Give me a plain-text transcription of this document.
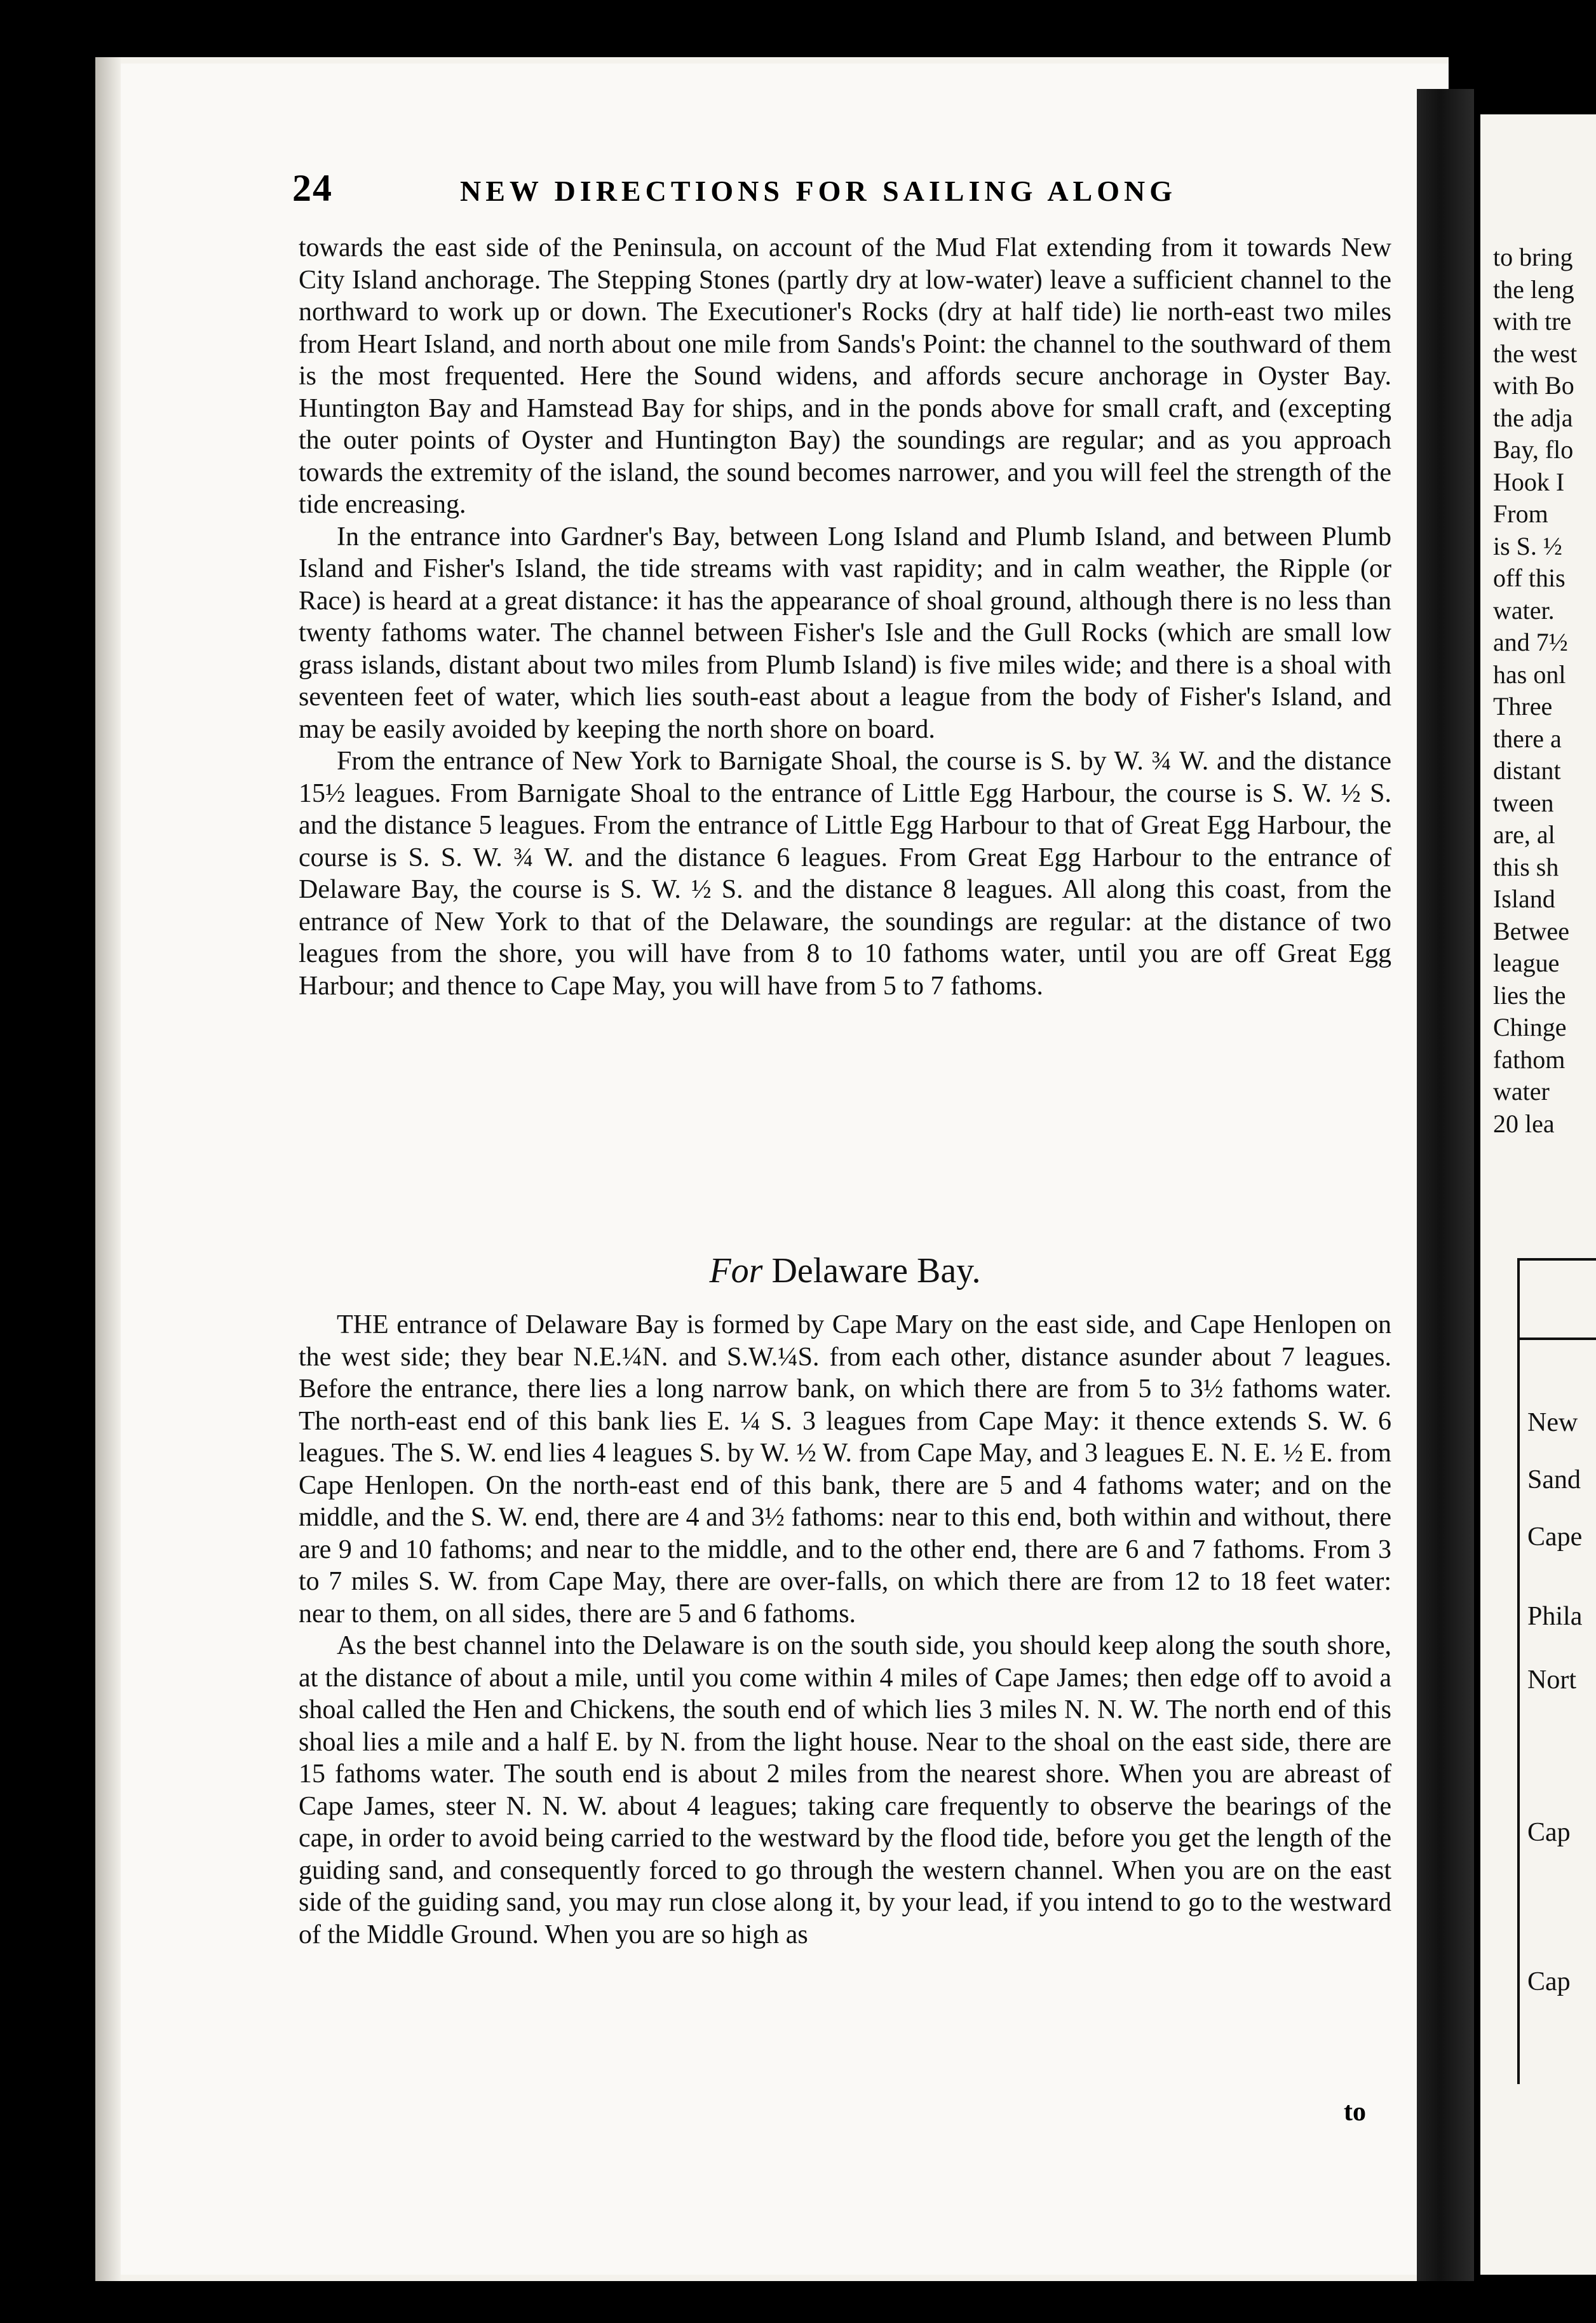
24	NEW DIRECTIONS FOR SAILING ALONG

towards the east side of the Peninsula, on account of the Mud Flat extending from it towards New City Island anchorage. The Stepping Stones (partly dry at low-water) leave a sufficient channel to the northward to work up or down. The Executioner's Rocks (dry at half tide) lie north-east two miles from Heart Island, and north about one mile from Sands's Point: the channel to the southward of them is the most frequented. Here the Sound widens, and affords secure anchorage in Oyster Bay. Huntington Bay and Hamstead Bay for ships, and in the ponds above for small craft, and (excepting the outer points of Oyster and Huntington Bay) the soundings are regular; and as you approach towards the extremity of the island, the sound becomes narrower, and you will feel the strength of the tide encreasing.

In the entrance into Gardner's Bay, between Long Island and Plumb Island, and between Plumb Island and Fisher's Island, the tide streams with vast rapidity; and in calm weather, the Ripple (or Race) is heard at a great distance: it has the appearance of shoal ground, although there is no less than twenty fathoms water. The channel between Fisher's Isle and the Gull Rocks (which are small low grass islands, distant about two miles from Plumb Island) is five miles wide; and there is a shoal with seventeen feet of water, which lies south-east about a league from the body of Fisher's Island, and may be easily avoided by keeping the north shore on board.

From the entrance of New York to Barnigate Shoal, the course is S. by W. ¾ W. and the distance 15½ leagues. From Barnigate Shoal to the entrance of Little Egg Harbour, the course is S. W. ½ S. and the distance 5 leagues. From the entrance of Little Egg Harbour to that of Great Egg Harbour, the course is S. S. W. ¾ W. and the distance 6 leagues. From Great Egg Harbour to the entrance of Delaware Bay, the course is S. W. ½ S. and the distance 8 leagues. All along this coast, from the entrance of New York to that of the Delaware, the soundings are regular: at the distance of two leagues from the shore, you will have from 8 to 10 fathoms water, until you are off Great Egg Harbour; and thence to Cape May, you will have from 5 to 7 fathoms.

For Delaware Bay.

THE entrance of Delaware Bay is formed by Cape Mary on the east side, and Cape Henlopen on the west side; they bear N.E.¼N. and S.W.¼S. from each other, distance asunder about 7 leagues. Before the entrance, there lies a long narrow bank, on which there are from 5 to 3½ fathoms water. The north-east end of this bank lies E. ¼ S. 3 leagues from Cape May: it thence extends S. W. 6 leagues. The S. W. end lies 4 leagues S. by W. ½ W. from Cape May, and 3 leagues E. N. E. ½ E. from Cape Henlopen. On the north-east end of this bank, there are 5 and 4 fathoms water; and on the middle, and the S. W. end, there are 4 and 3½ fathoms: near to this end, both within and without, there are 9 and 10 fathoms; and near to the middle, and to the other end, there are 6 and 7 fathoms. From 3 to 7 miles S. W. from Cape May, there are over-falls, on which there are from 12 to 18 feet water: near to them, on all sides, there are 5 and 6 fathoms.

As the best channel into the Delaware is on the south side, you should keep along the south shore, at the distance of about a mile, until you come within 4 miles of Cape James; then edge off to avoid a shoal called the Hen and Chickens, the south end of which lies 3 miles N. N. W. The north end of this shoal lies a mile and a half E. by N. from the light house. Near to the shoal on the east side, there are 15 fathoms water. The south end is about 2 miles from the nearest shore. When you are abreast of Cape James, steer N. N. W. about 4 leagues; taking care frequently to observe the bearings of the cape, in order to avoid being carried to the westward by the flood tide, before you get the length of the guiding sand, and consequently forced to go through the western channel. When you are on the east side of the guiding sand, you may run close along it, by your lead, if you intend to go to the westward of the Middle Ground. When you are so high as

to
to bring
the leng
with tre
the west
with Bo
the adja
Bay, flo
Hook I
From
is S. ½
off this
water.
and 7½
has onl
Three
there a
distant
tween
are, al
this sh
Island
Betwee
league
lies the
Chinge
fathom
water
20 lea
New
Sand
Cape
Phila
Nort
Cap
Cap
